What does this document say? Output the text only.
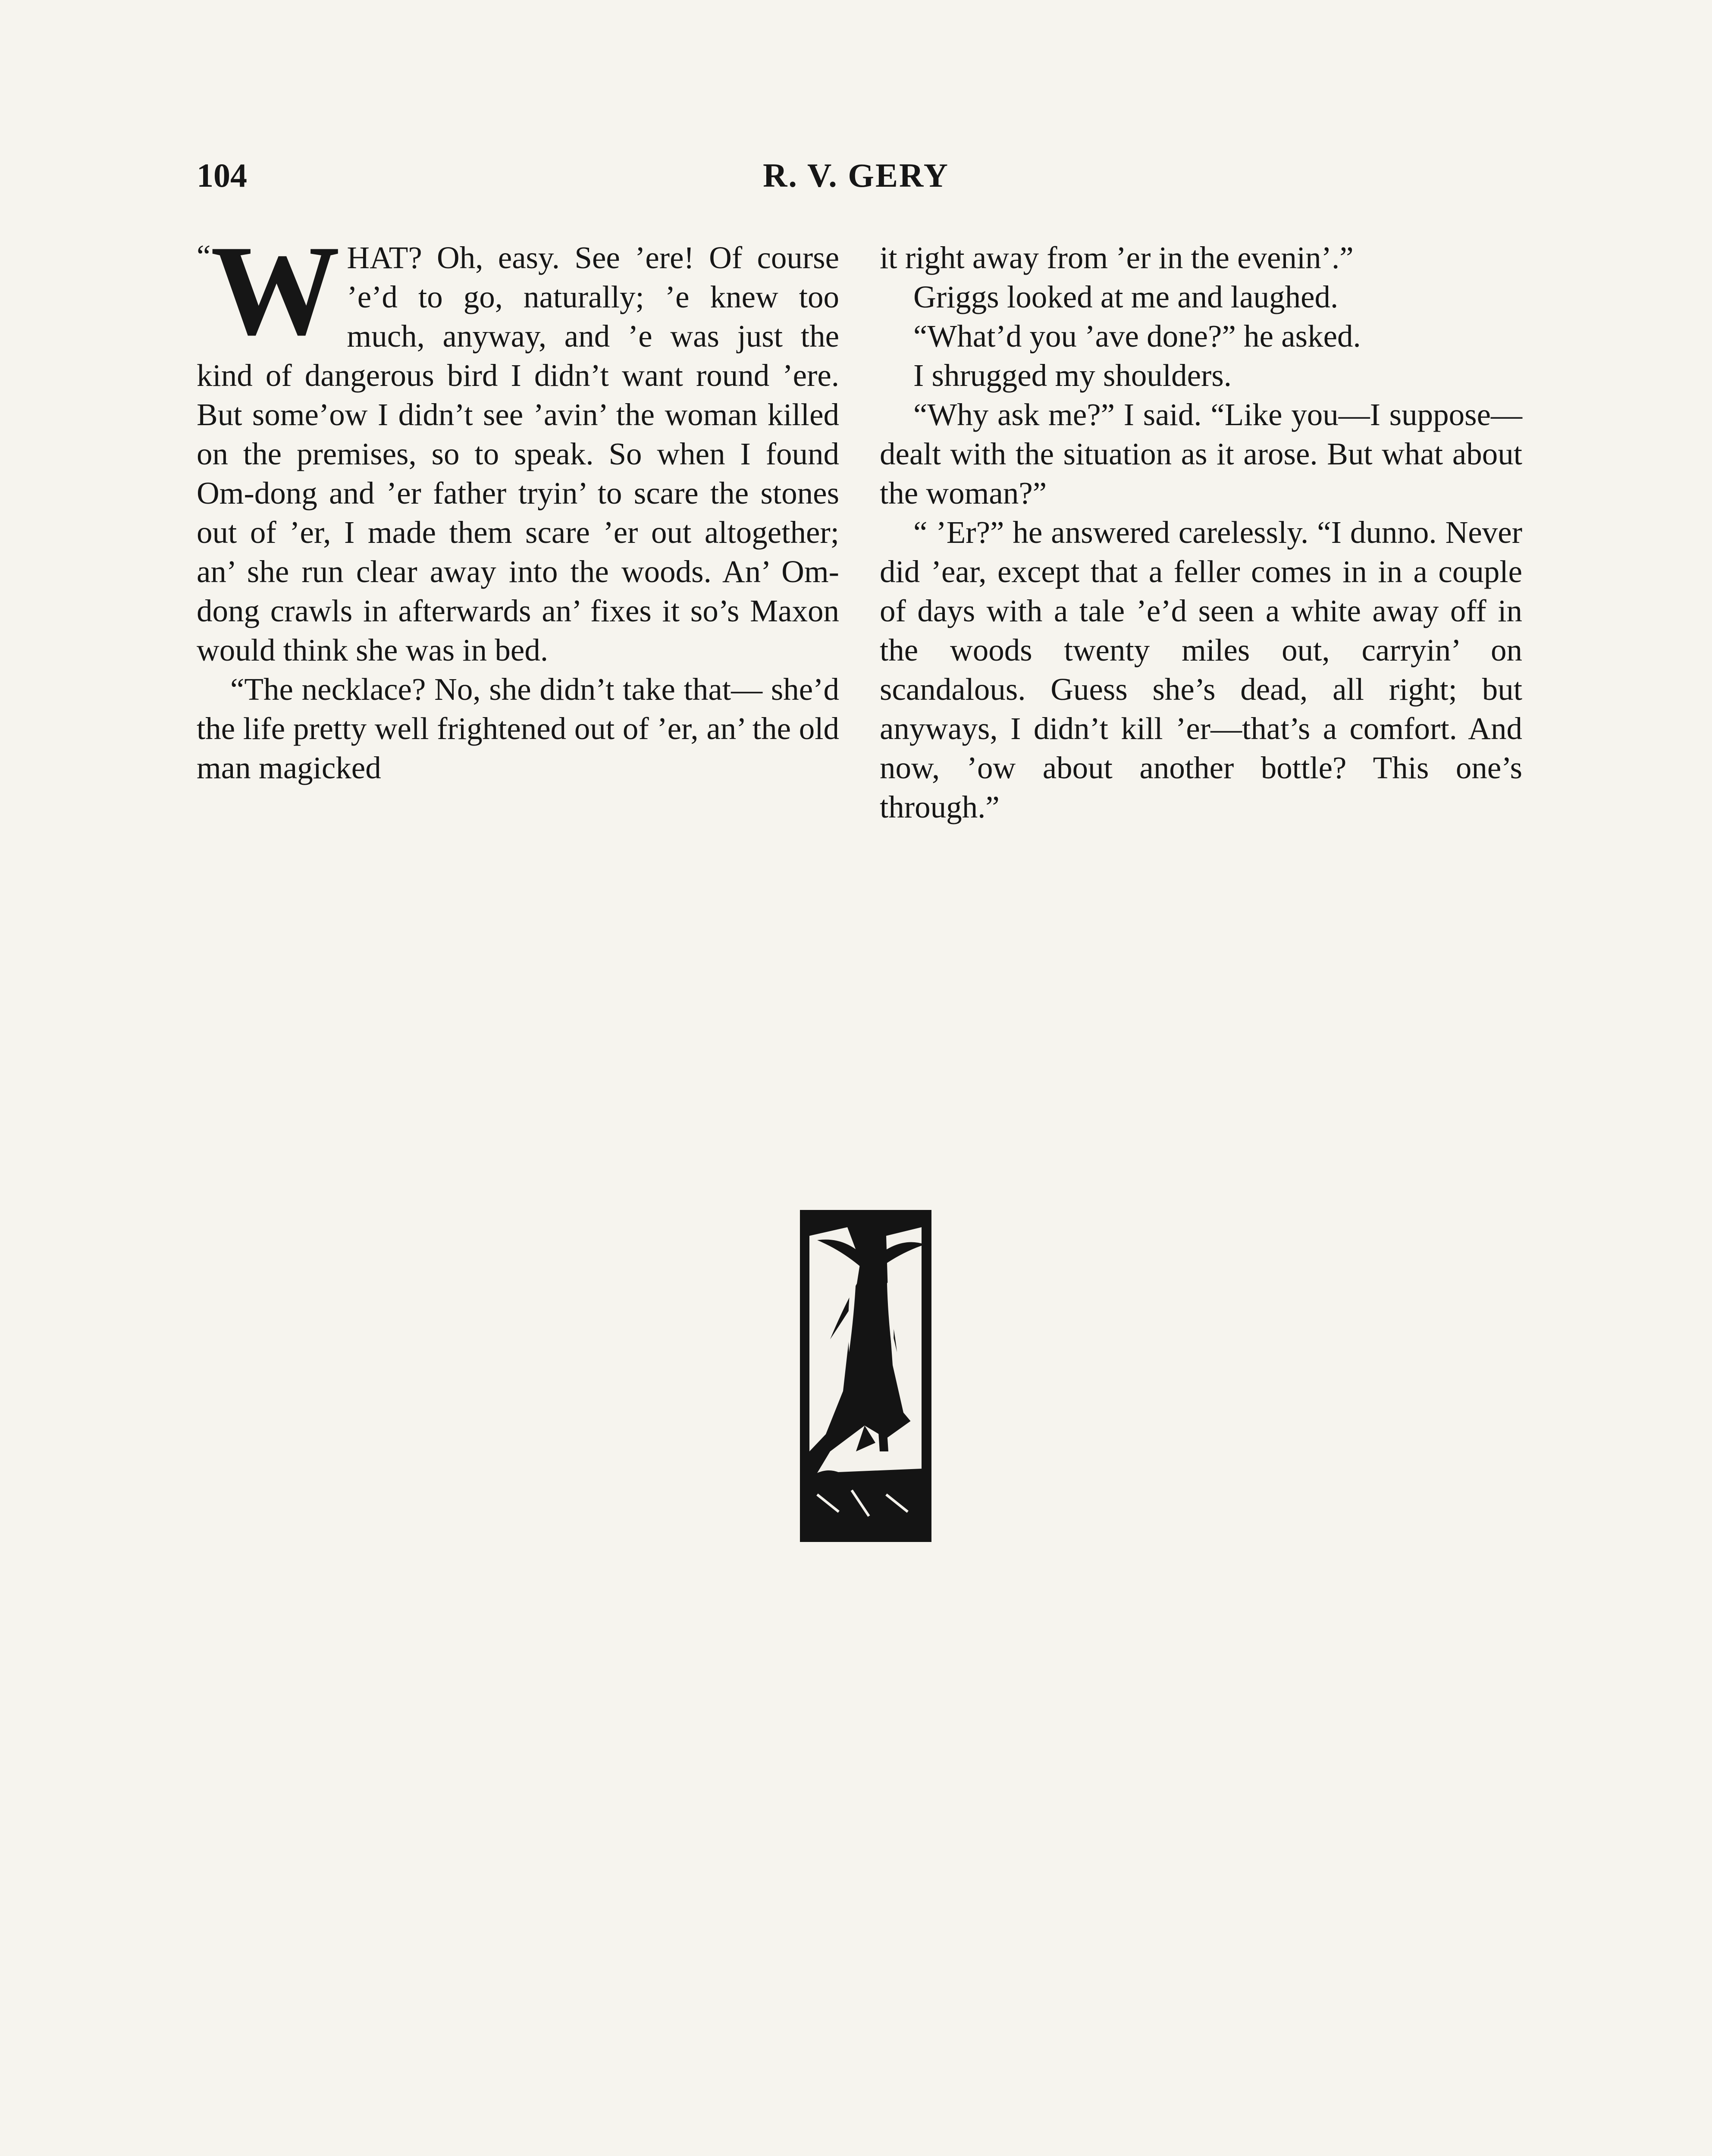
104	R. V. GERY

“ W HAT? Oh, easy. See ’ere! Of course ’e’d to go, naturally; ’e knew too much, anyway, and ’e was just the kind of dangerous bird I didn’t want round ’ere. But some’ow I didn’t see ’avin’ the woman killed on the premises, so to speak. So when I found Om-dong and ’er father tryin’ to scare the stones out of ’er, I made them scare ’er out altogether; an’ she run clear away into the woods. An’ Om-dong crawls in afterwards an’ fixes it so’s Maxon would think she was in bed.

“The necklace? No, she didn’t take that— she’d the life pretty well frightened out of ’er, an’ the old man magicked

it right away from ’er in the evenin’.”

Griggs looked at me and laughed.

“What’d you ’ave done?” he asked.

I shrugged my shoulders.

“Why ask me?” I said. “Like you—I suppose—dealt with the situation as it arose. But what about the woman?”

“ ’Er?” he answered carelessly. “I dunno. Never did ’ear, except that a feller comes in in a couple of days with a tale ’e’d seen a white away off in the woods twenty miles out, carryin’ on scandalous. Guess she’s dead, all right; but anyways, I didn’t kill ’er—that’s a comfort. And now, ’ow about another bottle? This one’s through.”
